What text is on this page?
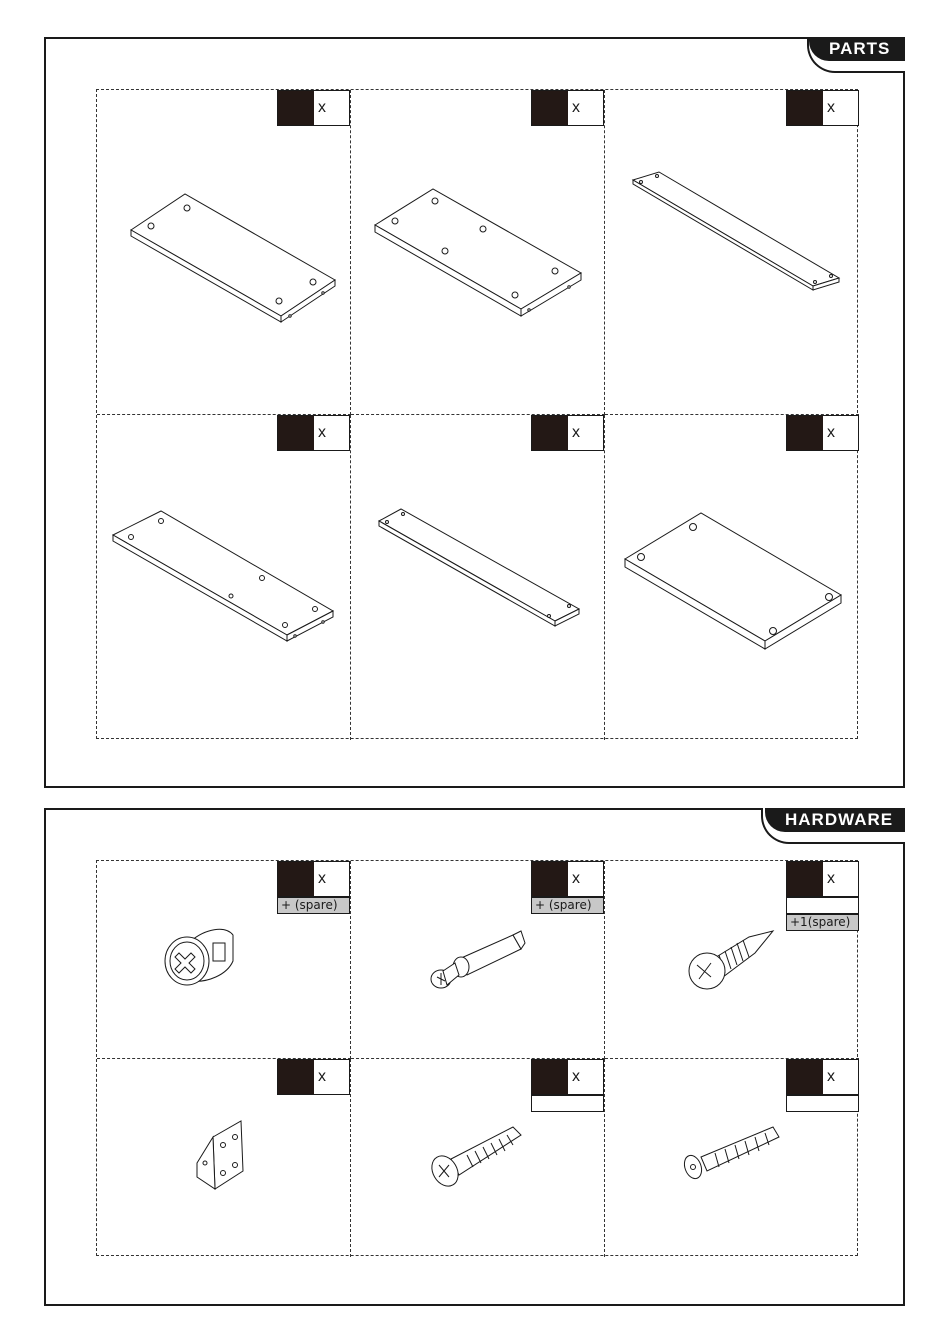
PARTS
x	x	x
x	x	x
HARDWARE
x
+ (spare)
x
+ (spare)
x
+1(spare)
x	x	x
